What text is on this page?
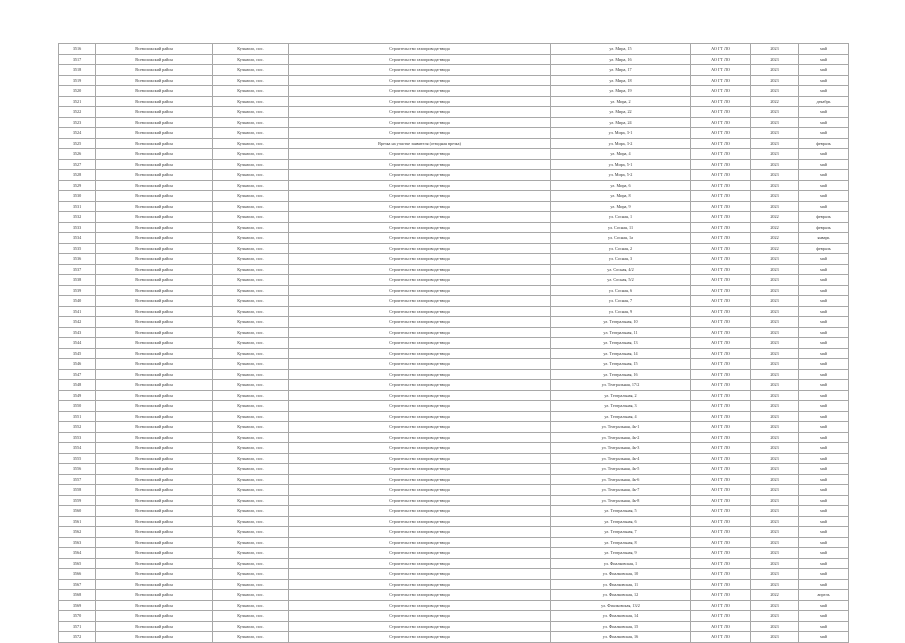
3516	Всеволожский район	Кузьмоло, пос.	Строительство газопровода-ввода	ул. Мира, 15	АО ГТ ЛО	2023	май
3517	Всеволожский район	Кузьмоло, пос.	Строительство газопровода-ввода	ул. Мира, 16	АО ГТ ЛО	2023	май
3518	Всеволожский район	Кузьмоло, пос.	Строительство газопровода-ввода	ул. Мира, 17	АО ГТ ЛО	2023	май
3519	Всеволожский район	Кузьмоло, пос.	Строительство газопровода-ввода	ул. Мира, 18	АО ГТ ЛО	2023	май
3520	Всеволожский район	Кузьмоло, пос.	Строительство газопровода-ввода	ул. Мира, 19	АО ГТ ЛО	2023	май
3521	Всеволожский район	Кузьмоло, пос.	Строительство газопровода-ввода	ул. Мира, 2	АО ГТ ЛО	2022	декабрь
3522	Всеволожский район	Кузьмоло, пос.	Строительство газопровода-ввода	ул. Мира, 22	АО ГТ ЛО	2023	май
3523	Всеволожский район	Кузьмоло, пос.	Строительство газопровода-ввода	ул. Мира, 24	АО ГТ ЛО	2023	май
3524	Всеволожский район	Кузьмоло, пос.	Строительство газопровода-ввода	ул. Мира, 3-1	АО ГТ ЛО	2023	май
3525	Всеволожский район	Кузьмоло, пос.	Врезка на участке заявителя (отводная врезка)	ул. Мира, 3-2	АО ГТ ЛО	2023	февраль
3526	Всеволожский район	Кузьмоло, пос.	Строительство газопровода-ввода	ул. Мира, 4	АО ГТ ЛО	2023	май
3527	Всеволожский район	Кузьмоло, пос.	Строительство газопровода-ввода	ул. Мира, 5-1	АО ГТ ЛО	2023	май
3528	Всеволожский район	Кузьмоло, пос.	Строительство газопровода-ввода	ул. Мира, 5-2	АО ГТ ЛО	2023	май
3529	Всеволожский район	Кузьмоло, пос.	Строительство газопровода-ввода	ул. Мира, 6	АО ГТ ЛО	2023	май
3530	Всеволожский район	Кузьмоло, пос.	Строительство газопровода-ввода	ул. Мира, 8	АО ГТ ЛО	2023	май
3531	Всеволожский район	Кузьмоло, пос.	Строительство газопровода-ввода	ул. Мира, 9	АО ГТ ЛО	2023	май
3532	Всеволожский район	Кузьмоло, пос.	Строительство газопровода-ввода	ул. Сосная, 1	АО ГТ ЛО	2022	февраль
3533	Всеволожский район	Кузьмоло, пос.	Строительство газопровода-ввода	ул. Сосная, 11	АО ГТ ЛО	2022	февраль
3534	Всеволожский район	Кузьмоло, пос.	Строительство газопровода-ввода	ул. Сосная, 1а	АО ГТ ЛО	2022	январь
3535	Всеволожский район	Кузьмоло, пос.	Строительство газопровода-ввода	ул. Сосная, 2	АО ГТ ЛО	2022	февраль
3536	Всеволожский район	Кузьмоло, пос.	Строительство газопровода-ввода	ул. Сосная, 3	АО ГТ ЛО	2023	май
3537	Всеволожский район	Кузьмоло, пос.	Строительство газопровода-ввода	ул. Сосная, 4/2	АО ГТ ЛО	2023	май
3538	Всеволожский район	Кузьмоло, пос.	Строительство газопровода-ввода	ул. Сосная, 5/2	АО ГТ ЛО	2023	май
3539	Всеволожский район	Кузьмоло, пос.	Строительство газопровода-ввода	ул. Сосная, 6	АО ГТ ЛО	2023	май
3540	Всеволожский район	Кузьмоло, пос.	Строительство газопровода-ввода	ул. Сосная, 7	АО ГТ ЛО	2023	май
3541	Всеволожский район	Кузьмоло, пос.	Строительство газопровода-ввода	ул. Сосная, 9	АО ГТ ЛО	2023	май
3542	Всеволожский район	Кузьмоло, пос.	Строительство газопровода-ввода	ул. Театральная, 10	АО ГТ ЛО	2023	май
3543	Всеволожский район	Кузьмоло, пос.	Строительство газопровода-ввода	ул. Театральная, 11	АО ГТ ЛО	2023	май
3544	Всеволожский район	Кузьмоло, пос.	Строительство газопровода-ввода	ул. Театральная, 13	АО ГТ ЛО	2023	май
3545	Всеволожский район	Кузьмоло, пос.	Строительство газопровода-ввода	ул. Театральная, 14	АО ГТ ЛО	2023	май
3546	Всеволожский район	Кузьмоло, пос.	Строительство газопровода-ввода	ул. Театральная, 15	АО ГТ ЛО	2023	май
3547	Всеволожский район	Кузьмоло, пос.	Строительство газопровода-ввода	ул. Театральная, 16	АО ГТ ЛО	2023	май
3548	Всеволожский район	Кузьмоло, пос.	Строительство газопровода-ввода	ул. Театральная, 17/2	АО ГТ ЛО	2023	май
3549	Всеволожский район	Кузьмоло, пос.	Строительство газопровода-ввода	ул. Театральная, 2	АО ГТ ЛО	2023	май
3550	Всеволожский район	Кузьмоло, пос.	Строительство газопровода-ввода	ул. Театральная, 3	АО ГТ ЛО	2023	май
3551	Всеволожский район	Кузьмоло, пос.	Строительство газопровода-ввода	ул. Театральная, 4	АО ГТ ЛО	2023	май
3552	Всеволожский район	Кузьмоло, пос.	Строительство газопровода-ввода	ул. Театральная, 4к-1	АО ГТ ЛО	2023	май
3553	Всеволожский район	Кузьмоло, пос.	Строительство газопровода-ввода	ул. Театральная, 4к-2	АО ГТ ЛО	2023	май
3554	Всеволожский район	Кузьмоло, пос.	Строительство газопровода-ввода	ул. Театральная, 4к-3	АО ГТ ЛО	2023	май
3555	Всеволожский район	Кузьмоло, пос.	Строительство газопровода-ввода	ул. Театральная, 4к-4	АО ГТ ЛО	2023	май
3556	Всеволожский район	Кузьмоло, пос.	Строительство газопровода-ввода	ул. Театральная, 4к-5	АО ГТ ЛО	2023	май
3557	Всеволожский район	Кузьмоло, пос.	Строительство газопровода-ввода	ул. Театральная, 4к-6	АО ГТ ЛО	2023	май
3558	Всеволожский район	Кузьмоло, пос.	Строительство газопровода-ввода	ул. Театральная, 4к-7	АО ГТ ЛО	2023	май
3559	Всеволожский район	Кузьмоло, пос.	Строительство газопровода-ввода	ул. Театральная, 4к-8	АО ГТ ЛО	2023	май
3560	Всеволожский район	Кузьмоло, пос.	Строительство газопровода-ввода	ул. Театральная, 5	АО ГТ ЛО	2023	май
3561	Всеволожский район	Кузьмоло, пос.	Строительство газопровода-ввода	ул. Театральная, 6	АО ГТ ЛО	2023	май
3562	Всеволожский район	Кузьмоло, пос.	Строительство газопровода-ввода	ул. Театральная, 7	АО ГТ ЛО	2023	май
3563	Всеволожский район	Кузьмоло, пос.	Строительство газопровода-ввода	ул. Театральная, 8	АО ГТ ЛО	2023	май
3564	Всеволожский район	Кузьмоло, пос.	Строительство газопровода-ввода	ул. Театральная, 9	АО ГТ ЛО	2023	май
3565	Всеволожский район	Кузьмоло, пос.	Строительство газопровода-ввода	ул. Фиалковская, 1	АО ГТ ЛО	2023	май
3566	Всеволожский район	Кузьмоло, пос.	Строительство газопровода-ввода	ул. Фиалковская, 10	АО ГТ ЛО	2023	май
3567	Всеволожский район	Кузьмоло, пос.	Строительство газопровода-ввода	ул. Фиалковская, 11	АО ГТ ЛО	2023	май
3568	Всеволожский район	Кузьмоло, пос.	Строительство газопровода-ввода	ул. Фиалковская, 12	АО ГТ ЛО	2022	апрель
3569	Всеволожский район	Кузьмоло, пос.	Строительство газопровода-ввода	ул. Фиалковская, 13/2	АО ГТ ЛО	2023	май
3570	Всеволожский район	Кузьмоло, пос.	Строительство газопровода-ввода	ул. Фиалковская, 14	АО ГТ ЛО	2023	май
3571	Всеволожский район	Кузьмоло, пос.	Строительство газопровода-ввода	ул. Фиалковская, 15	АО ГТ ЛО	2023	май
3572	Всеволожский район	Кузьмоло, пос.	Строительство газопровода-ввода	ул. Фиалковская, 16	АО ГТ ЛО	2023	май
